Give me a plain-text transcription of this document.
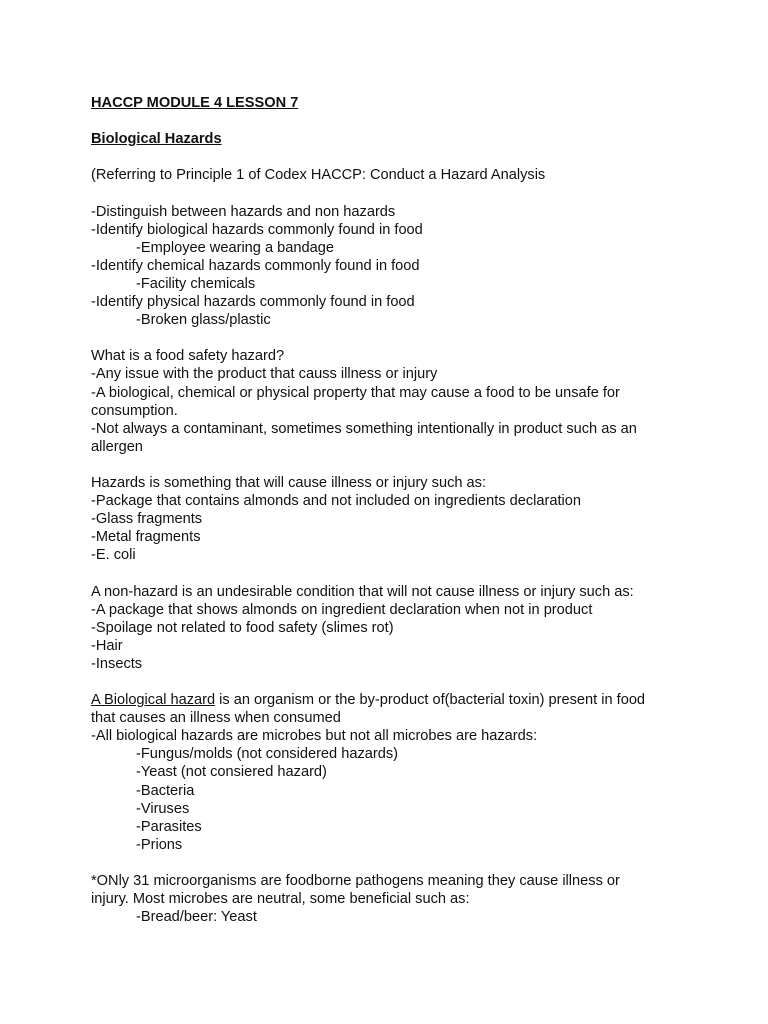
HACCP MODULE 4 LESSON 7
Biological Hazards
(Referring to Principle 1 of Codex HACCP: Conduct a Hazard Analysis
-Distinguish between hazards and non hazards
-Identify biological hazards commonly found in food
-Employee wearing a bandage
-Identify chemical hazards commonly found in food
-Facility chemicals
-Identify physical hazards commonly found in food
-Broken glass/plastic
What is a food safety hazard?
-Any issue with the product that causs illness or injury
-A biological, chemical or physical property that may cause a food to be unsafe for
consumption.
-Not always a contaminant, sometimes something intentionally in product such as an
allergen
Hazards is something that will cause illness or injury such as:
-Package that contains almonds and not included on ingredients declaration
-Glass fragments
-Metal fragments
-E. coli
A non-hazard is an undesirable condition that will not cause illness or injury such as:
-A package that shows almonds on ingredient declaration when not in product
-Spoilage not related to food safety (slimes rot)
-Hair
-Insects
A Biological hazard is an organism or the by-product of(bacterial toxin) present in food
that causes an illness when consumed
-All biological hazards are microbes but not all microbes are hazards:
-Fungus/molds (not considered hazards)
-Yeast (not consiered hazard)
-Bacteria
-Viruses
-Parasites
-Prions
*ONly 31 microorganisms are foodborne pathogens meaning they cause illness or
injury. Most microbes are neutral, some beneficial such as:
-Bread/beer: Yeast
